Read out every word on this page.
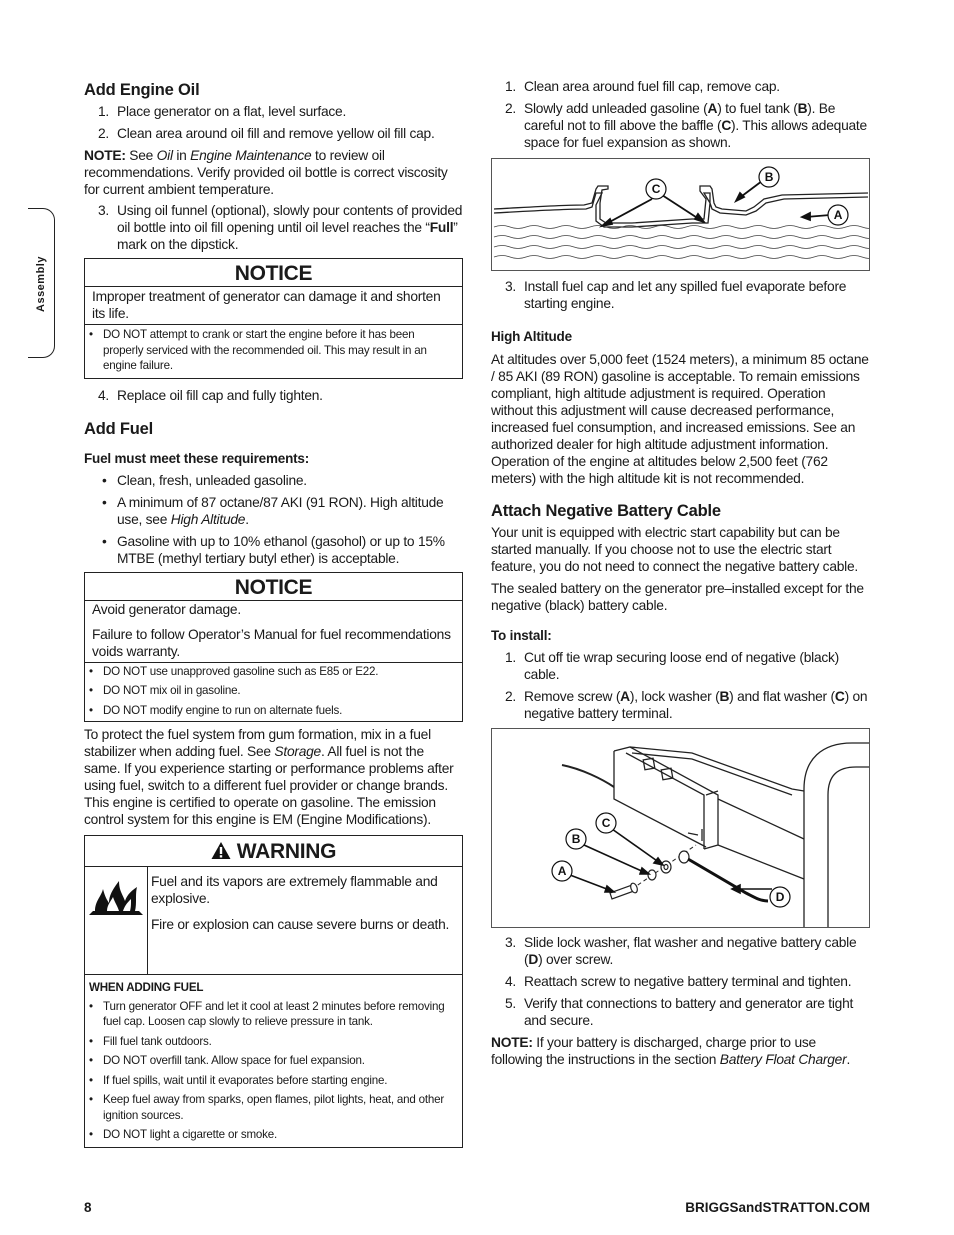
Assembly
Add Engine Oil
1. Place generator on a flat, level surface.
2. Clean area around oil fill and remove yellow oil fill cap.

NOTE: See Oil in Engine Maintenance to review oil recommendations. Verify provided oil bottle is correct viscosity for current ambient temperature.

3. Using oil funnel (optional), slowly pour contents of provided oil bottle into oil fill opening until oil level reaches the “Full” mark on the dipstick.
NOTICE
Improper treatment of generator can damage it and shorten its life.
• DO NOT attempt to crank or start the engine before it has been properly serviced with the recommended oil. This may result in an engine failure.
4. Replace oil fill cap and fully tighten.
Add Fuel
Fuel must meet these requirements:
• Clean, fresh, unleaded gasoline.
• A minimum of 87 octane/87 AKI (91 RON). High altitude use, see High Altitude.
• Gasoline with up to 10% ethanol (gasohol) or up to 15% MTBE (methyl tertiary butyl ether) is acceptable.
NOTICE

Avoid generator damage.

Failure to follow Operator’s Manual for fuel recommendations voids warranty.

• DO NOT use unapproved gasoline such as E85 or E22.
• DO NOT mix oil in gasoline.
• DO NOT modify engine to run on alternate fuels.

To protect the fuel system from gum formation, mix in a fuel stabilizer when adding fuel. See Storage. All fuel is not the same. If you experience starting or performance problems after using fuel, switch to a different fuel provider or change brands. This engine is certified to operate on gasoline. The emission control system for this engine is EM (Engine Modifications).

WARNING

Fuel and its vapors are extremely flammable and explosive.

Fire or explosion can cause severe burns or death.

WHEN ADDING FUEL
• Turn generator OFF and let it cool at least 2 minutes before removing fuel cap. Loosen cap slowly to relieve pressure in tank.
• Fill fuel tank outdoors.
• DO NOT overfill tank. Allow space for fuel expansion.
• If fuel spills, wait until it evaporates before starting engine.
• Keep fuel away from sparks, open flames, pilot lights, heat, and other ignition sources.
• DO NOT light a cigarette or smoke.
1. Clean area around fuel fill cap, remove cap.
2. Slowly add unleaded gasoline (A) to fuel tank (B). Be careful not to fill above the baffle (C). This allows adequate space for fuel expansion as shown.
C
B
A
3. Install fuel cap and let any spilled fuel evaporate before starting engine.
High Altitude

At altitudes over 5,000 feet (1524 meters), a minimum 85 octane / 85 AKI (89 RON) gasoline is acceptable. To remain emissions compliant, high altitude adjustment is required. Operation without this adjustment will cause decreased performance, increased fuel consumption, and increased emissions. See an authorized dealer for high altitude adjustment information. Operation of the engine at altitudes below 2,500 feet (762 meters) with the high altitude kit is not recommended.

Attach Negative Battery Cable

Your unit is equipped with electric start capability but can be started manually. If you choose not to use the electric start feature, you do not need to connect the negative battery cable.

The sealed battery on the generator pre–installed except for the negative (black) battery cable.

To install:
1. Cut off tie wrap securing loose end of negative (black) cable.
2. Remove screw (A), lock washer (B) and flat washer (C) on negative battery terminal.
A
B
C
D
3. Slide lock washer, flat washer and negative battery cable (D) over screw.
4. Reattach screw to negative battery terminal and tighten.
5. Verify that connections to battery and generator are tight and secure.

NOTE: If your battery is discharged, charge prior to use following the instructions in the section Battery Float Charger.

8	BRIGGSandSTRATTON.COM
